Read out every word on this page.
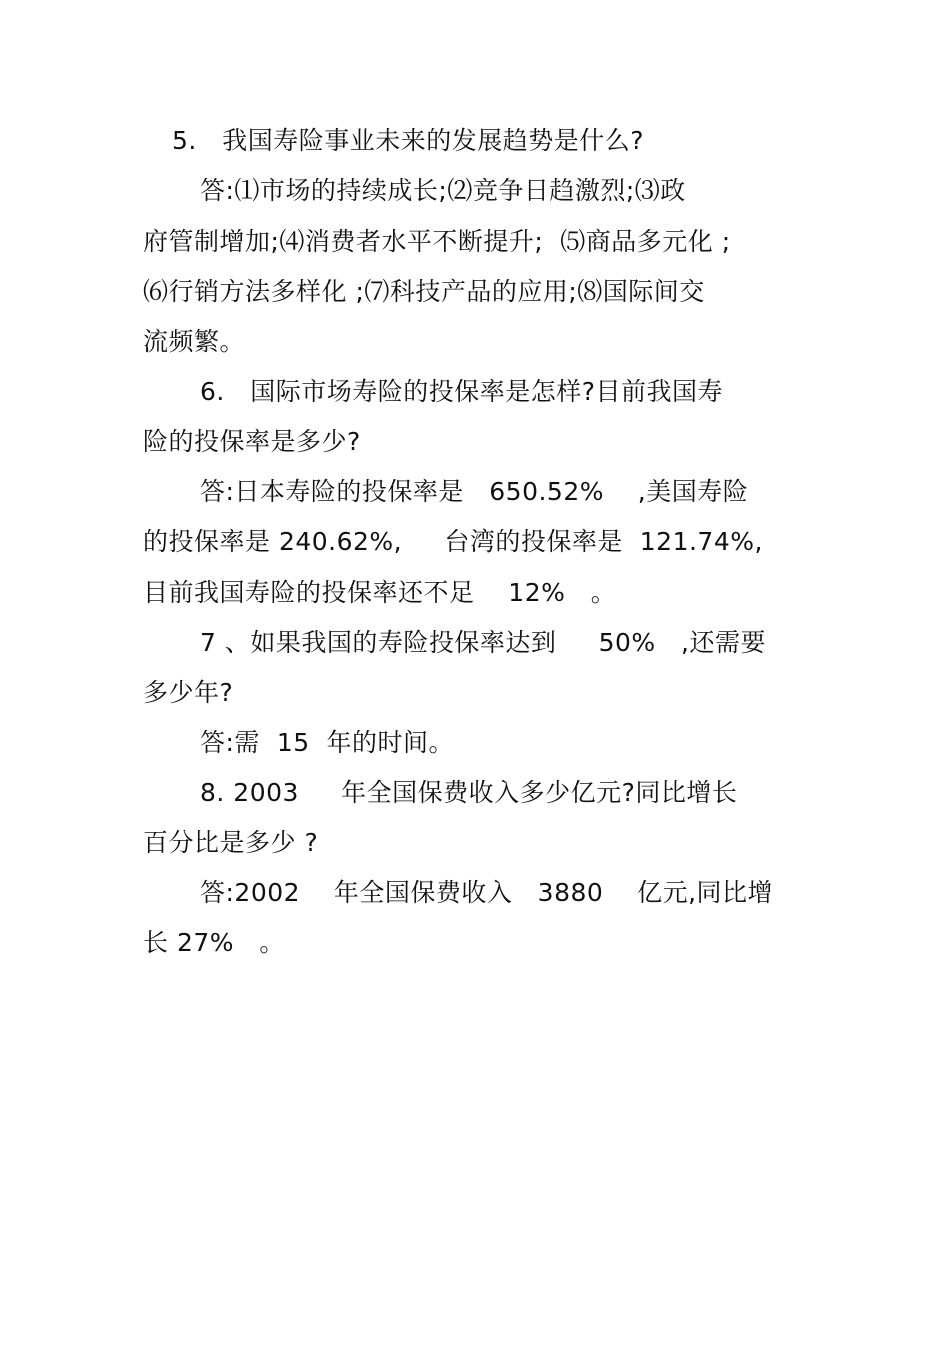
5.   我国寿险事业未来的发展趋势是什么?
答:⑴市场的持续成长;⑵竞争日趋激烈;⑶政
府管制增加;⑷消费者水平不断提升;  ⑸商品多元化 ;
⑹行销方法多样化 ;⑺科技产品的应用;⑻国际间交
流频繁。
6.   国际市场寿险的投保率是怎样?目前我国寿
险的投保率是多少?
答:日本寿险的投保率是   650.52%    ,美国寿险
的投保率是 240.62%,     台湾的投保率是  121.74%,
目前我国寿险的投保率还不足    12%   。
7 、如果我国的寿险投保率达到     50%   ,还需要
多少年?
答:需  15  年的时间。
8. 2003     年全国保费收入多少亿元?同比增长
百分比是多少 ?
答:2002    年全国保费收入   3880    亿元,同比增
长 27%   。
